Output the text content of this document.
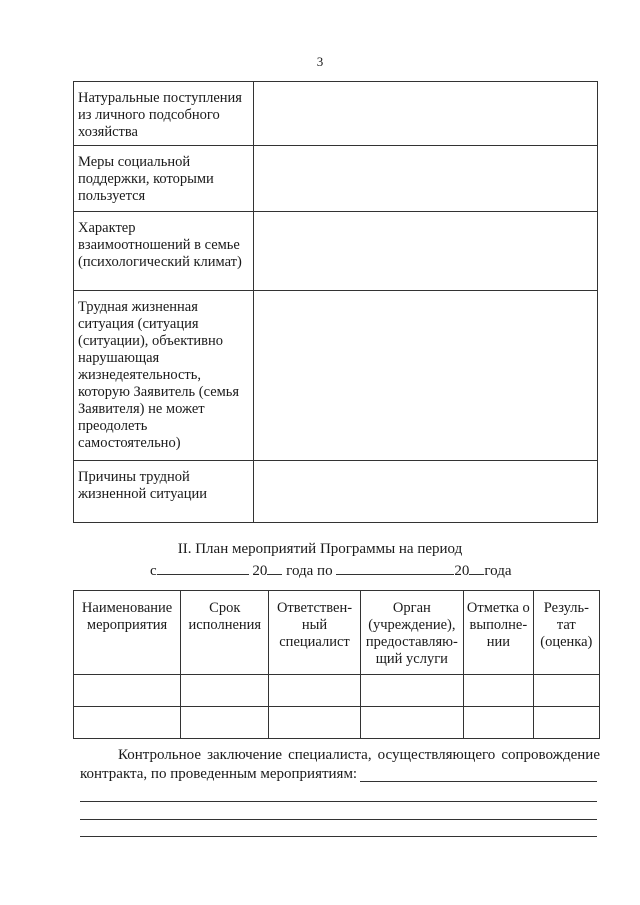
3
Натуральные поступления из личного подсобного хозяйства	
Меры социальной поддержки, которыми пользуется	
Характер взаимоотношений в семье (психологический климат)	
Трудная жизненная ситуация (ситуация (ситуации), объективно нарушающая жизнедеятельность, которую Заявитель (семья Заявителя) не может преодолеть самостоятельно)	
Причины трудной жизненной ситуации	
II. План мероприятий Программы на период
с	20 года по	20 года
Наименование мероприятия	Срок исполнения	Ответствен-ный специалист	Орган (учреждение), предоставляю-щий услуги	Отметка о выполне-нии	Резуль-тат (оценка)

Контрольное заключение специалиста, осуществляющего сопровождение контракта, по проведенным мероприятиям:
